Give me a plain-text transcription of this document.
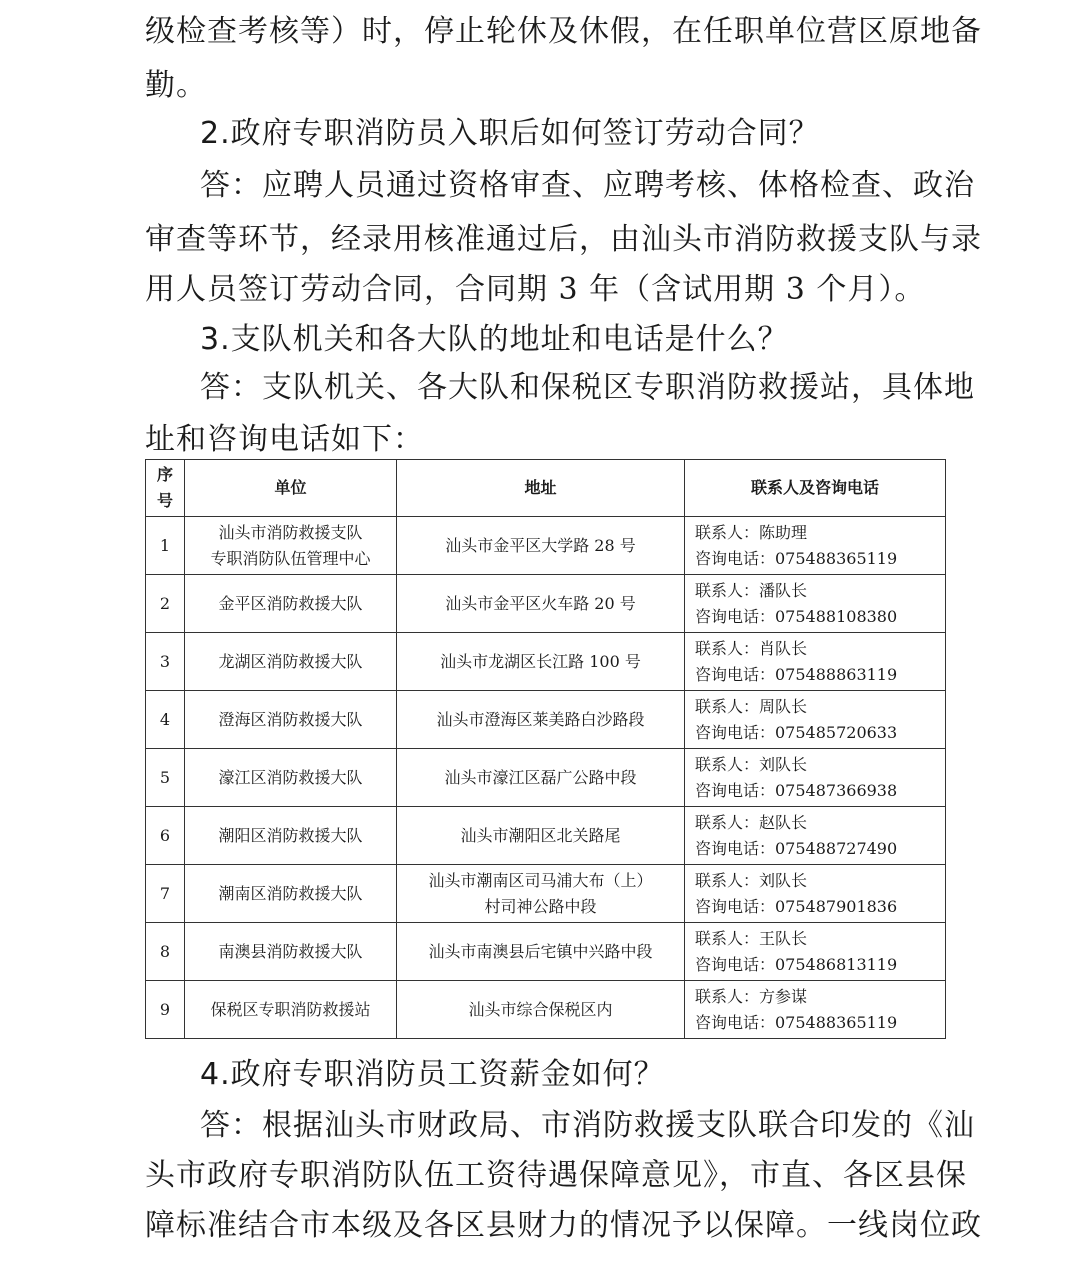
级检查考核等）时，停止轮休及休假，在任职单位营区原地备
勤。
2.政府专职消防员入职后如何签订劳动合同？
答：应聘人员通过资格审查、应聘考核、体格检查、政治
审查等环节，经录用核准通过后，由汕头市消防救援支队与录
用人员签订劳动合同，合同期 3 年（含试用期 3 个月）。
3.支队机关和各大队的地址和电话是什么？
答：支队机关、各大队和保税区专职消防救援站，具体地
址和咨询电话如下：
序号	单位	地址	联系人及咨询电话
1	汕头市消防救援支队
专职消防队伍管理中心	汕头市金平区大学路 28 号	联系人：陈助理
咨询电话：075488365119

2	金平区消防救援大队	汕头市金平区火车路 20 号	联系人：潘队长
咨询电话：075488108380

3	龙湖区消防救援大队	汕头市龙湖区长江路 100 号	联系人：肖队长
咨询电话：075488863119

4	澄海区消防救援大队	汕头市澄海区莱美路白沙路段	联系人：周队长
咨询电话：075485720633

5	濠江区消防救援大队	汕头市濠江区磊广公路中段	联系人：刘队长
咨询电话：075487366938

6	潮阳区消防救援大队	汕头市潮阳区北关路尾	联系人：赵队长
咨询电话：075488727490

7	潮南区消防救援大队	汕头市潮南区司马浦大布（上）
村司神公路中段	联系人：刘队长
咨询电话：075487901836

8	南澳县消防救援大队	汕头市南澳县后宅镇中兴路中段	联系人：王队长
咨询电话：075486813119

9	保税区专职消防救援站	汕头市综合保税区内	联系人：方参谋
咨询电话：075488365119
4.政府专职消防员工资薪金如何？
答：根据汕头市财政局、市消防救援支队联合印发的《汕
头市政府专职消防队伍工资待遇保障意见》，市直、各区县保
障标准结合市本级及各区县财力的情况予以保障。一线岗位政
